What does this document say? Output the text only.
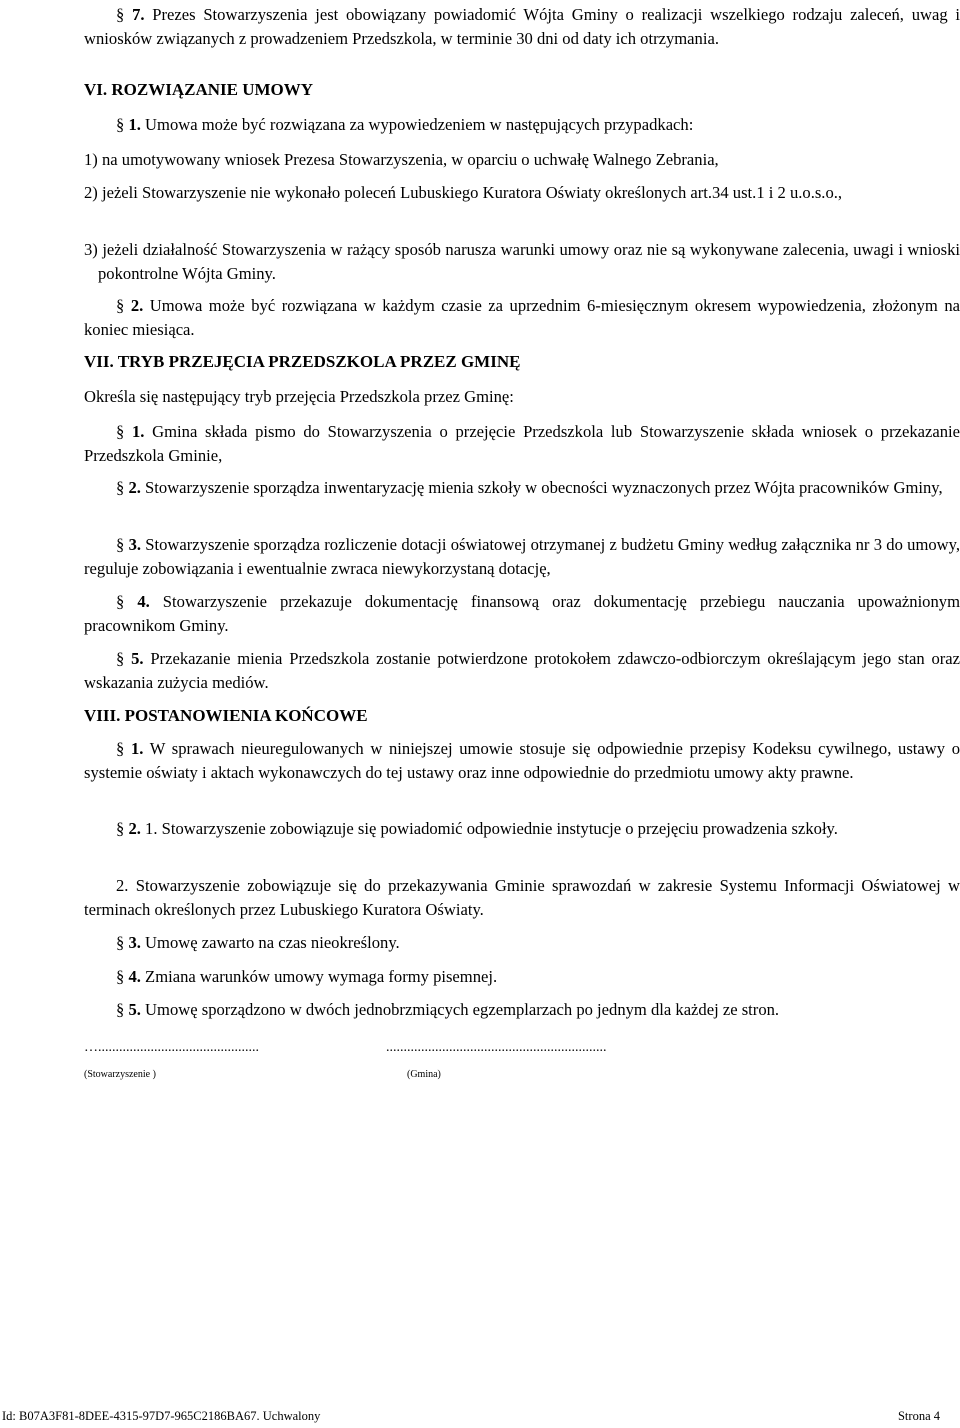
§ 7. Prezes Stowarzyszenia jest obowiązany powiadomić Wójta Gminy o realizacji wszelkiego rodzaju zaleceń, uwag i wniosków związanych z prowadzeniem Przedszkola, w terminie 30 dni od daty ich otrzymania.
VI. ROZWIĄZANIE UMOWY
§ 1. Umowa może być rozwiązana za wypowiedzeniem w następujących przypadkach:
1) na umotywowany wniosek Prezesa Stowarzyszenia, w oparciu o uchwałę Walnego Zebrania,
2) jeżeli Stowarzyszenie nie wykonało poleceń Lubuskiego Kuratora Oświaty określonych art.34 ust.1 i 2 u.o.s.o.,
3) jeżeli działalność Stowarzyszenia w rażący sposób narusza warunki umowy oraz nie są wykonywane zalecenia, uwagi i wnioski pokontrolne Wójta Gminy.
§ 2. Umowa może być rozwiązana w każdym czasie za uprzednim 6-miesięcznym okresem wypowiedzenia, złożonym na koniec miesiąca.
VII. TRYB PRZEJĘCIA PRZEDSZKOLA PRZEZ GMINĘ
Określa się następujący tryb przejęcia Przedszkola przez Gminę:
§ 1. Gmina składa pismo do Stowarzyszenia o przejęcie Przedszkola lub Stowarzyszenie składa wniosek o przekazanie Przedszkola Gminie,
§ 2. Stowarzyszenie sporządza inwentaryzację mienia szkoły w obecności wyznaczonych przez Wójta pracowników Gminy,
§ 3. Stowarzyszenie sporządza rozliczenie dotacji oświatowej otrzymanej z budżetu Gminy według załącznika nr 3 do umowy, reguluje zobowiązania i ewentualnie zwraca niewykorzystaną dotację,
§ 4. Stowarzyszenie przekazuje dokumentację finansową oraz dokumentację przebiegu nauczania upoważnionym pracownikom Gminy.
§ 5. Przekazanie mienia Przedszkola zostanie potwierdzone protokołem zdawczo-odbiorczym określającym jego stan oraz wskazania zużycia mediów.
VIII. POSTANOWIENIA KOŃCOWE
§ 1. W sprawach nieuregulowanych w niniejszej umowie stosuje się odpowiednie przepisy Kodeksu cywilnego, ustawy o systemie oświaty i aktach wykonawczych do tej ustawy oraz inne odpowiednie do przedmiotu umowy akty prawne.
§ 2. 1. Stowarzyszenie zobowiązuje się powiadomić odpowiednie instytucje o przejęciu prowadzenia szkoły.
2. Stowarzyszenie zobowiązuje się do przekazywania Gminie sprawozdań w zakresie Systemu Informacji Oświatowej w terminach określonych przez Lubuskiego Kuratora Oświaty.
§ 3. Umowę zawarto na czas nieokreślony.
§ 4. Zmiana warunków umowy wymaga formy pisemnej.
§ 5. Umowę sporządzono w dwóch jednobrzmiących egzemplarzach po jednym dla każdej ze stron.
…..............................................	...............................................................
(Stowarzyszenie )	(Gmina)
Id: B07A3F81-8DEE-4315-97D7-965C2186BA67. Uchwalony	Strona 4
